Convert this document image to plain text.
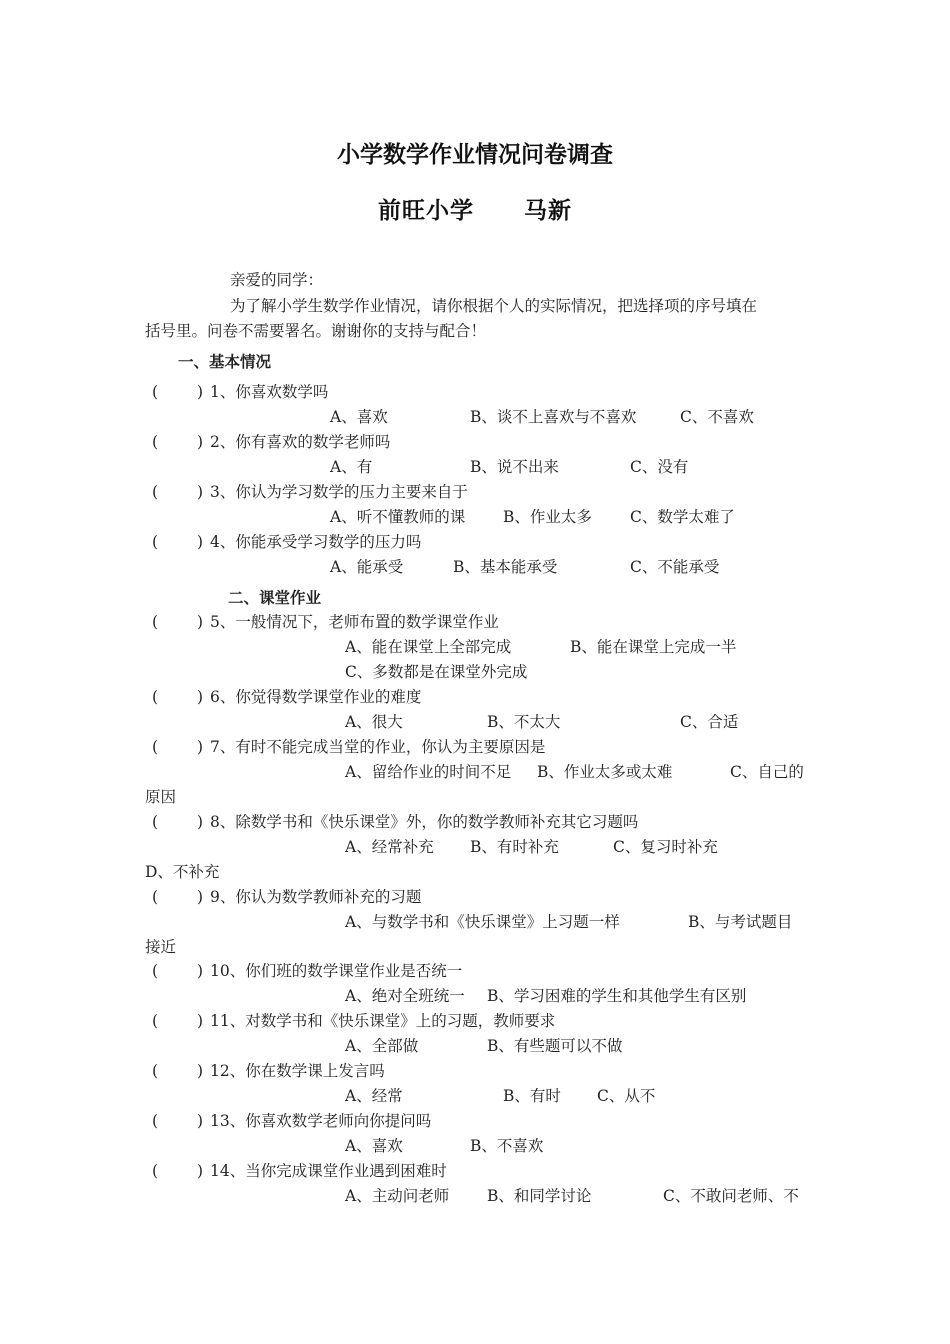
小学数学作业情况问卷调查
前旺小学 马新
亲爱的同学：
为了解小学生数学作业情况，请你根据个人的实际情况，把选择项的序号填在
括号里。问卷不需要署名。谢谢你的支持与配合！
一、基本情况
(	) 1、你喜欢数学吗
A、喜欢	B、谈不上喜欢与不喜欢	C、不喜欢
(	) 2、你有喜欢的数学老师吗
A、有	B、说不出来	C、没有
(	) 3、你认为学习数学的压力主要来自于
A、听不懂教师的课 B、作业太多 C、数学太难了
(	) 4、你能承受学习数学的压力吗
A、能承受	B、基本能承受	C、不能承受
二、课堂作业
(	) 5、一般情况下，老师布置的数学课堂作业
A、能在课堂上全部完成	B、能在课堂上完成一半
C、多数都是在课堂外完成
(	) 6、你觉得数学课堂作业的难度
A、很大	B、不太大	C、合适
(	) 7、有时不能完成当堂的作业，你认为主要原因是
A、留给作业的时间不足 B、作业太多或太难	C、自己的
原因
(	) 8、除数学书和《快乐课堂》外，你的数学教师补充其它习题吗
A、经常补充 B、有时补充	C、复习时补充
D、不补充
(	) 9、你认为数学教师补充的习题
A、与数学书和《快乐课堂》上习题一样	B、与考试题目
接近
(	) 10、你们班的数学课堂作业是否统一
A、绝对全班统一 B、学习困难的学生和其他学生有区别
(	) 11、对数学书和《快乐课堂》上的习题，教师要求
A、全部做	B、有些题可以不做
(	) 12、你在数学课上发言吗
A、经常	B、有时 C、从不
(	) 13、你喜欢数学老师向你提问吗
A、喜欢	B、不喜欢
(	) 14、当你完成课堂作业遇到困难时
A、主动问老师 B、和同学讨论	C、不敢问老师、不
